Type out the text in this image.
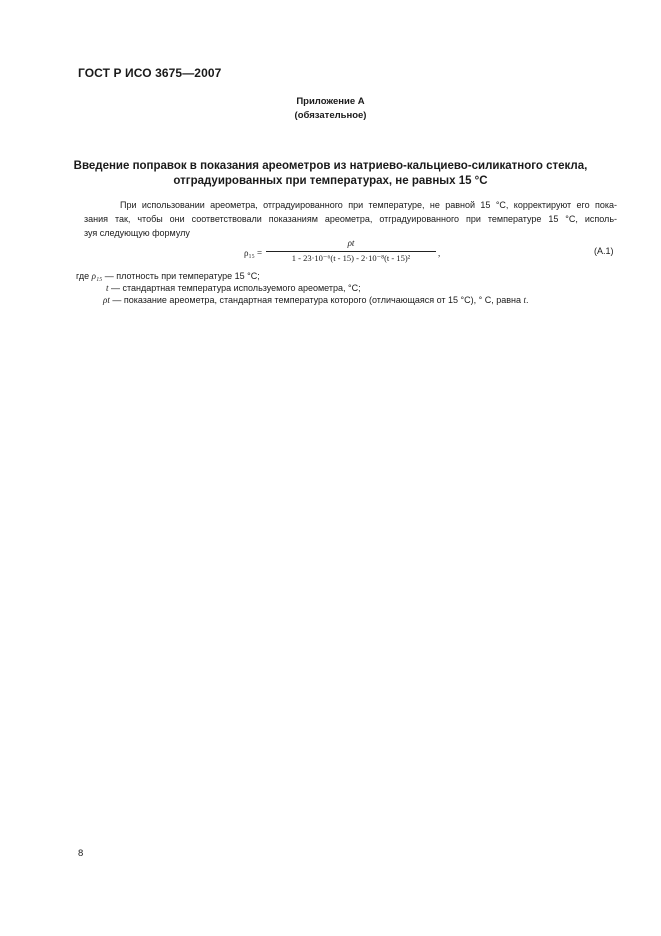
ГОСТ Р ИСО 3675—2007
Приложение А
(обязательное)
Введение поправок в показания ареометров из натриево-кальциево-силикатного стекла,
отградуированных при температурах, не равных 15 °С

При использовании ареометра, отградуированного при температуре, не равной 15 °С, корректируют его пока-

зания так, чтобы они соответствовали показаниям ареометра, отградуированного при температуре 15 °С, исполь-

зуя следующую формулу

ρ₁₅ =
ρt
1 - 23·10⁻⁶(t - 15) - 2·10⁻⁸(t - 15)²	,	(А.1)
где ρ₁₅ — плотность при температуре 15 °С;
t — стандартная температура используемого ареометра, °С;
ρt — показание ареометра, стандартная температура которого (отличающаяся от 15 °С), ° С, равна t.
8
